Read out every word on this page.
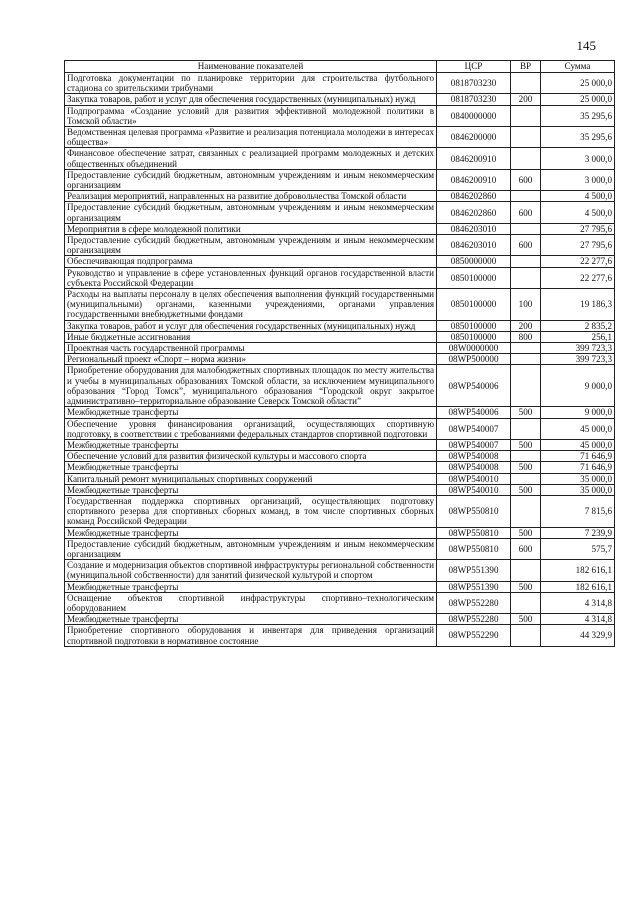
145
Наименование показателей	ЦСР	ВР	Сумма
Подготовка документации по планировке территории для строительства футбольного стадиона со зрительскими трибунами	0818703230		25 000,0
Закупка товаров, работ и услуг для обеспечения государственных (муниципальных) нужд	0818703230	200	25 000,0
Подпрограмма «Создание условий для развития эффективной молодежной политики в Томской области»	0840000000		35 295,6
Ведомственная целевая программа «Развитие и реализация потенциала молодежи в интересах общества»	0846200000		35 295,6
Финансовое обеспечение затрат, связанных с реализацией программ молодежных и детских общественных объединений	0846200910		3 000,0
Предоставление субсидий бюджетным, автономным учреждениям и иным некоммерческим организациям	0846200910	600	3 000,0
Реализация мероприятий, направленных на развитие добровольчества Томской области	0846202860		4 500,0
Предоставление субсидий бюджетным, автономным учреждениям и иным некоммерческим организациям	0846202860	600	4 500,0
Мероприятия в сфере молодежной политики	0846203010		27 795,6
Предоставление субсидий бюджетным, автономным учреждениям и иным некоммерческим организациям	0846203010	600	27 795,6
Обеспечивающая подпрограмма	0850000000		22 277,6
Руководство и управление в сфере установленных функций органов государственной власти субъекта Российской Федерации	0850100000		22 277,6
Расходы на выплаты персоналу в целях обеспечения выполнения функций государственными (муниципальными) органами, казенными учреждениями, органами управления государственными внебюджетными фондами	0850100000	100	19 186,3
Закупка товаров, работ и услуг для обеспечения государственных (муниципальных) нужд	0850100000	200	2 835,2
Иные бюджетные ассигнования	0850100000	800	256,1
Проектная часть государственной программы	08W0000000		399 723,3
Региональный проект «Спорт – норма жизни»	08WP500000		399 723,3
Приобретение оборудования для малобюджетных спортивных площадок по месту жительства и учебы в муниципальных образованиях Томской области, за исключением муниципального образования “Город Томск”, муниципального образования “Городской округ закрытое административно–территориальное образование Северск Томской области”	08WP540006		9 000,0
Межбюджетные трансферты	08WP540006	500	9 000,0
Обеспечение уровня финансирования организаций, осуществляющих спортивную подготовку, в соответствии с требованиями федеральных стандартов спортивной подготовки	08WP540007		45 000,0
Межбюджетные трансферты	08WP540007	500	45 000,0
Обеспечение условий для развития физической культуры и массового спорта	08WP540008		71 646,9
Межбюджетные трансферты	08WP540008	500	71 646,9
Капитальный ремонт муниципальных спортивных сооружений	08WP540010		35 000,0
Межбюджетные трансферты	08WP540010	500	35 000,0
Государственная поддержка спортивных организаций, осуществляющих подготовку спортивного резерва для спортивных сборных команд, в том числе спортивных сборных команд Российской Федерации	08WP550810		7 815,6
Межбюджетные трансферты	08WP550810	500	7 239,9
Предоставление субсидий бюджетным, автономным учреждениям и иным некоммерческим организациям	08WP550810	600	575,7
Создание и модернизация объектов спортивной инфраструктуры региональной собственности (муниципальной собственности) для занятий физической культурой и спортом	08WP551390		182 616,1
Межбюджетные трансферты	08WP551390	500	182 616,1
Оснащение объектов спортивной инфраструктуры спортивно–технологическим оборудованием	08WP552280		4 314,8
Межбюджетные трансферты	08WP552280	500	4 314,8
Приобретение спортивного оборудования и инвентаря для приведения организаций спортивной подготовки в нормативное состояние	08WP552290		44 329,9
